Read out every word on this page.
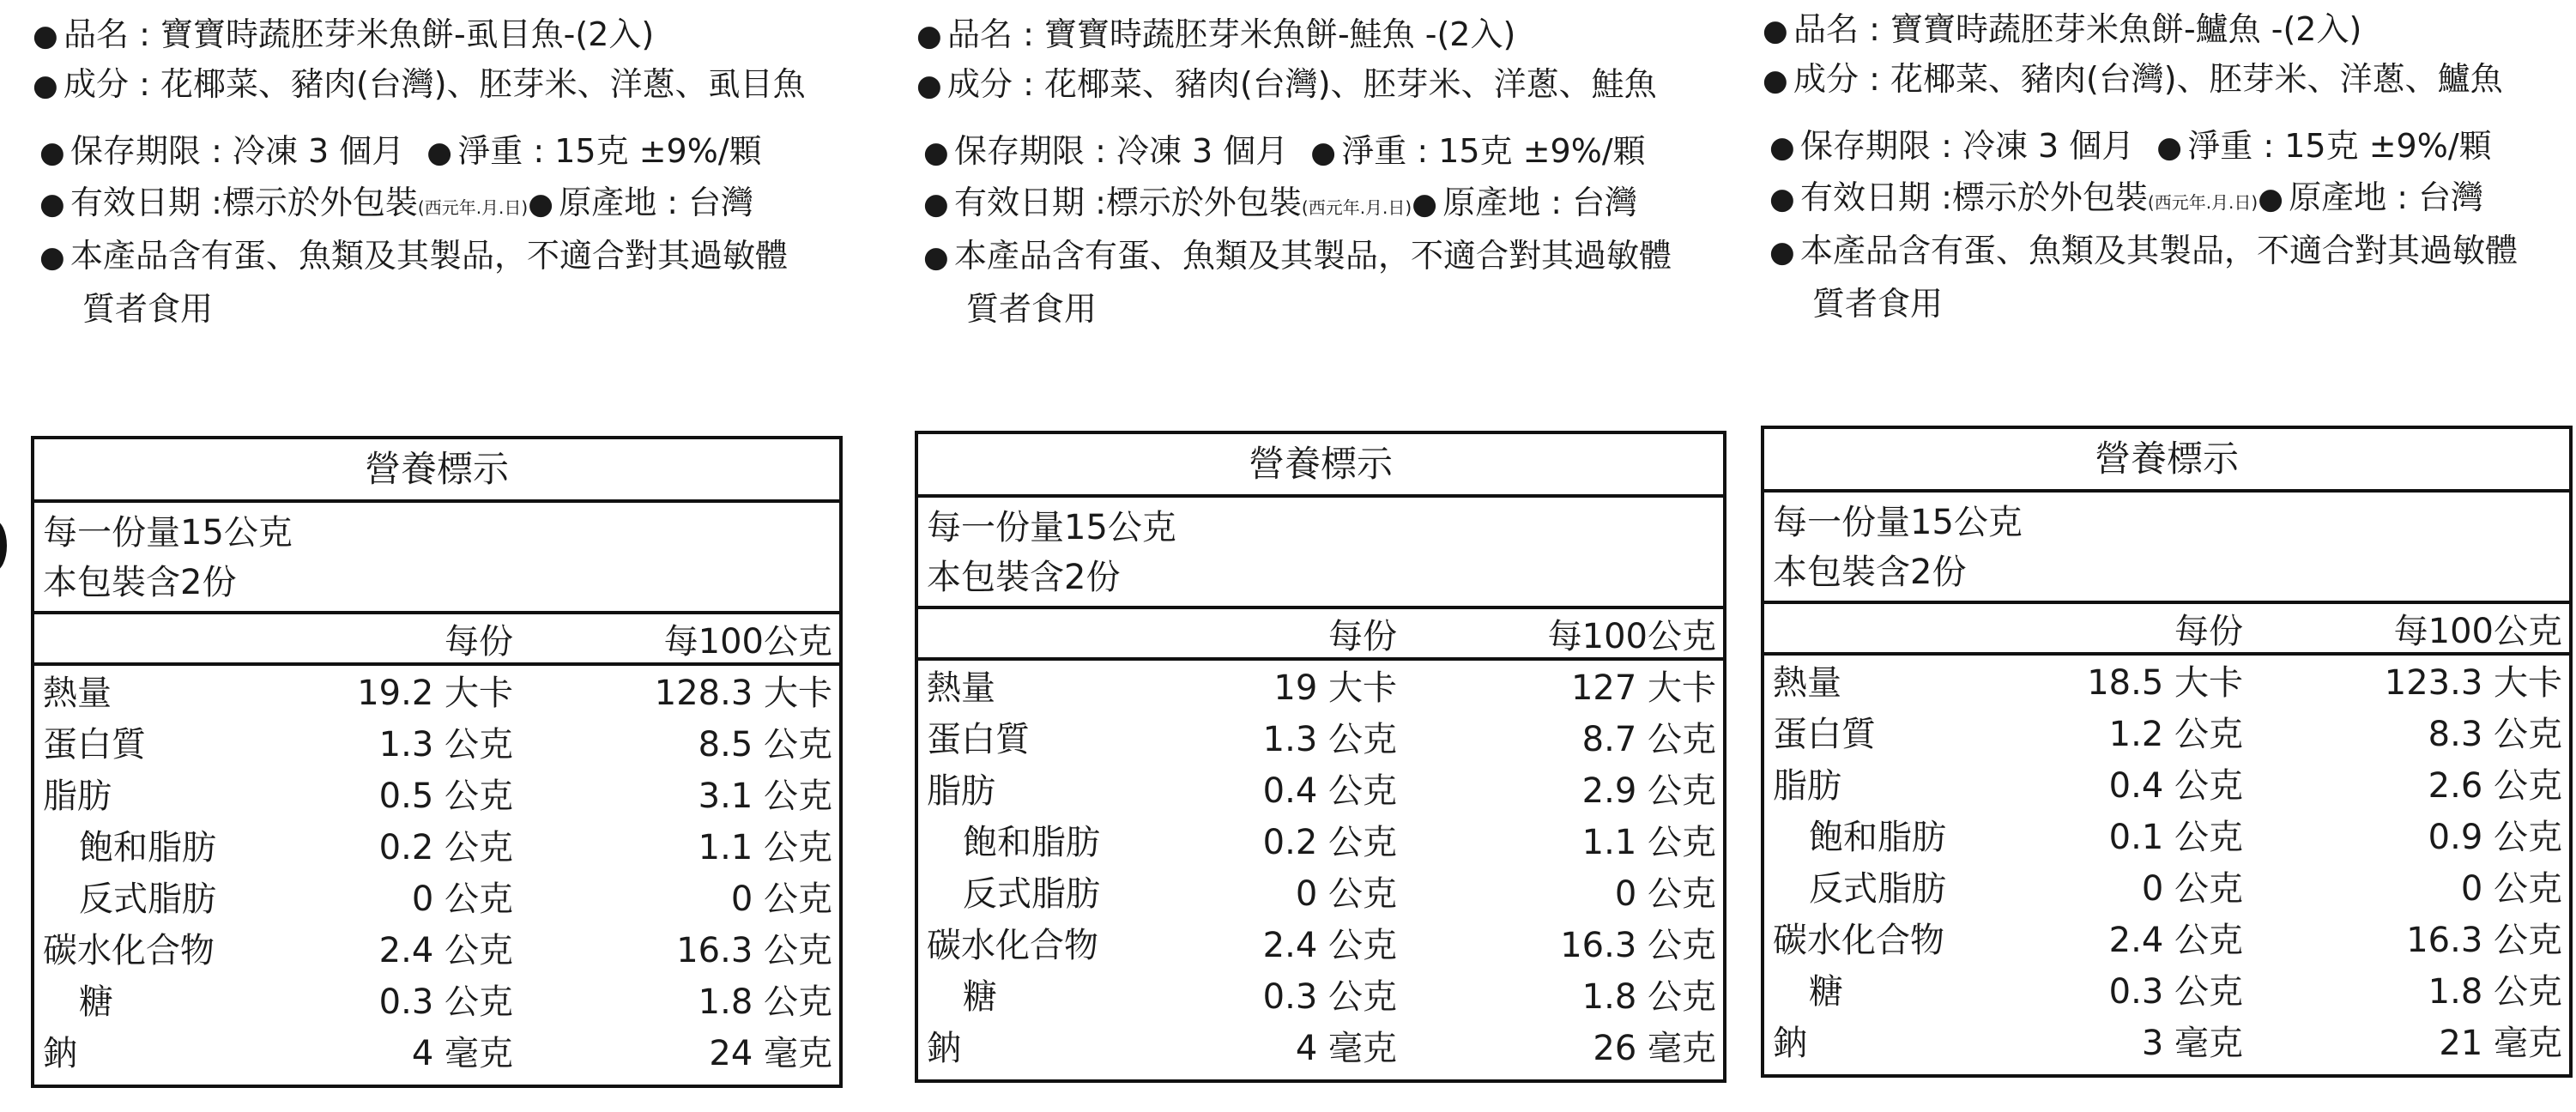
● 品名 : 寶寶時蔬胚芽米魚餅-虱目魚-(2入)
● 成分 : 花椰菜、豬肉(台灣)、胚芽米、洋蔥、虱目魚
● 保存期限 : 冷凍 3 個月 ● 淨重 : 15克 ±9%/顆
● 有效日期 :標示於外包裝(西元年.月.日)● 原產地 : 台灣
● 本產品含有蛋、魚類及其製品，不適合對其過敏體
質者食用
營養標示
每一份量15公克
本包裝含2份
每份	每100公克
熱量	19.2 大卡	128.3 大卡
蛋白質	1.3 公克	8.5 公克
脂肪	0.5 公克	3.1 公克
飽和脂肪	0.2 公克	1.1 公克
反式脂肪	0 公克	0 公克
碳水化合物	2.4 公克	16.3 公克
糖	0.3 公克	1.8 公克
鈉	4 毫克	24 毫克
● 品名 : 寶寶時蔬胚芽米魚餅-鮭魚 -(2入)
● 成分 : 花椰菜、豬肉(台灣)、胚芽米、洋蔥、鮭魚
● 保存期限 : 冷凍 3 個月 ● 淨重 : 15克 ±9%/顆
● 有效日期 :標示於外包裝(西元年.月.日)● 原產地 : 台灣
● 本產品含有蛋、魚類及其製品，不適合對其過敏體
質者食用
營養標示
每一份量15公克
本包裝含2份
每份	每100公克
熱量	19 大卡	127 大卡
蛋白質	1.3 公克	8.7 公克
脂肪	0.4 公克	2.9 公克
飽和脂肪	0.2 公克	1.1 公克
反式脂肪	0 公克	0 公克
碳水化合物	2.4 公克	16.3 公克
糖	0.3 公克	1.8 公克
鈉	4 毫克	26 毫克
● 品名 : 寶寶時蔬胚芽米魚餅-鱸魚 -(2入)
● 成分 : 花椰菜、豬肉(台灣)、胚芽米、洋蔥、鱸魚
● 保存期限 : 冷凍 3 個月 ● 淨重 : 15克 ±9%/顆
● 有效日期 :標示於外包裝(西元年.月.日)● 原產地 : 台灣
● 本產品含有蛋、魚類及其製品，不適合對其過敏體
質者食用
營養標示
每一份量15公克
本包裝含2份
每份	每100公克
熱量	18.5 大卡	123.3 大卡
蛋白質	1.2 公克	8.3 公克
脂肪	0.4 公克	2.6 公克
飽和脂肪	0.1 公克	0.9 公克
反式脂肪	0 公克	0 公克
碳水化合物	2.4 公克	16.3 公克
糖	0.3 公克	1.8 公克
鈉	3 毫克	21 毫克
